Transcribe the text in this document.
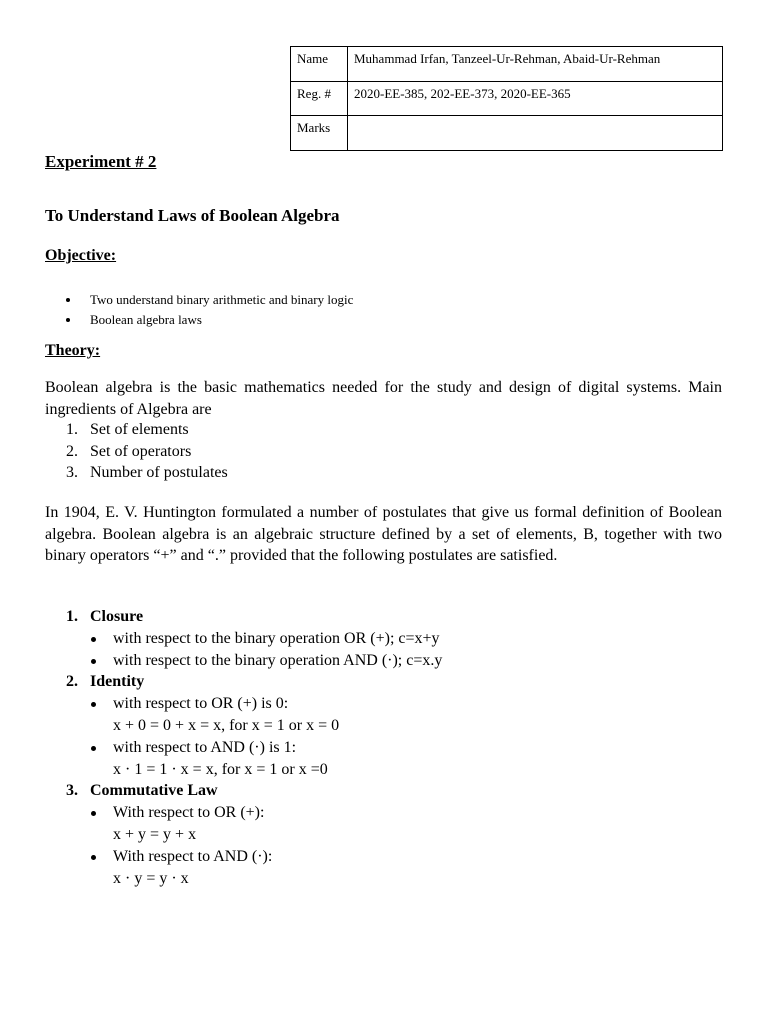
Name	Muhammad Irfan, Tanzeel-Ur-Rehman, Abaid-Ur-Rehman
Reg. #	2020-EE-385, 202-EE-373, 2020-EE-365
Marks	
Experiment # 2
To Understand Laws of Boolean Algebra
Objective:
Two understand binary arithmetic and binary logic
Boolean algebra laws
Theory:

Boolean algebra is the basic mathematics needed for the study and design of digital systems. Main ingredients of Algebra are

1. Set of elements
2. Set of operators
3. Number of postulates

In 1904, E. V. Huntington formulated a number of postulates that give us formal definition of Boolean algebra. Boolean algebra is an algebraic structure defined by a set of elements, B, together with two binary operators “+” and “.” provided that the following postulates are satisfied.

1. Closure
with respect to the binary operation OR (+); c=x+y
with respect to the binary operation AND (·); c=x.y
2. Identity
with respect to OR (+) is 0:
x + 0 = 0 + x = x, for x = 1 or x = 0
with respect to AND (·) is 1:
x · 1 = 1 · x = x, for x = 1 or x =0
3. Commutative Law
With respect to OR (+):
x + y = y + x
With respect to AND (·):
x · y = y · x
